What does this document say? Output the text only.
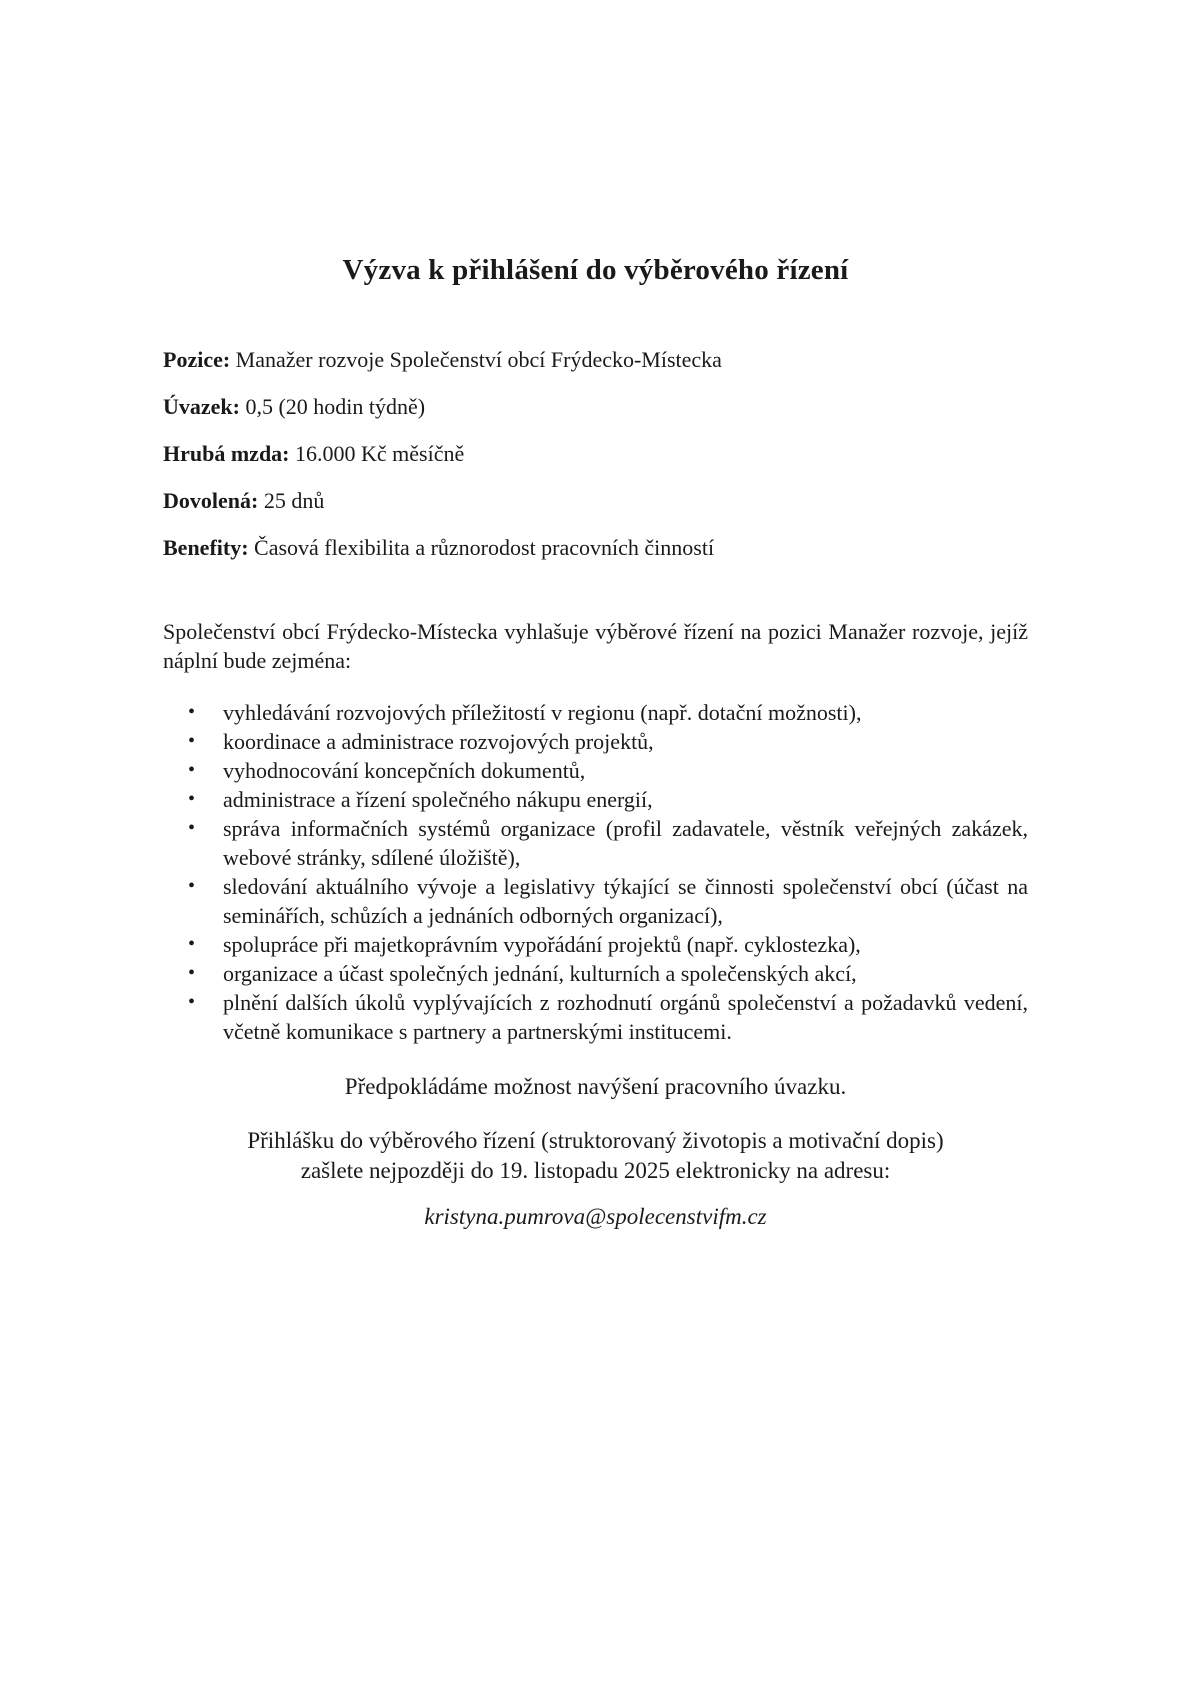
Výzva k přihlášení do výběrového řízení

Pozice: Manažer rozvoje Společenství obcí Frýdecko-Místecka

Úvazek: 0,5 (20 hodin týdně)

Hrubá mzda: 16.000 Kč měsíčně

Dovolená: 25 dnů

Benefity: Časová flexibilita a různorodost pracovních činností

Společenství obcí Frýdecko-Místecka vyhlašuje výběrové řízení na pozici Manažer rozvoje, jejíž náplní bude zejména:

• vyhledávání rozvojových příležitostí v regionu (např. dotační možnosti),
• koordinace a administrace rozvojových projektů,
• vyhodnocování koncepčních dokumentů,
• administrace a řízení společného nákupu energií,
• správa informačních systémů organizace (profil zadavatele, věstník veřejných zakázek, webové stránky, sdílené úložiště),
• sledování aktuálního vývoje a legislativy týkající se činnosti společenství obcí (účast na seminářích, schůzích a jednáních odborných organizací),
• spolupráce při majetkoprávním vypořádání projektů (např. cyklostezka),
• organizace a účast společných jednání, kulturních a společenských akcí,
• plnění dalších úkolů vyplývajících z rozhodnutí orgánů společenství a požadavků vedení, včetně komunikace s partnery a partnerskými institucemi.

Předpokládáme možnost navýšení pracovního úvazku.

Přihlášku do výběrového řízení (struktorovaný životopis a motivační dopis)
zašlete nejpozději do 19. listopadu 2025 elektronicky na adresu:

kristyna.pumrova@spolecenstvifm.cz
